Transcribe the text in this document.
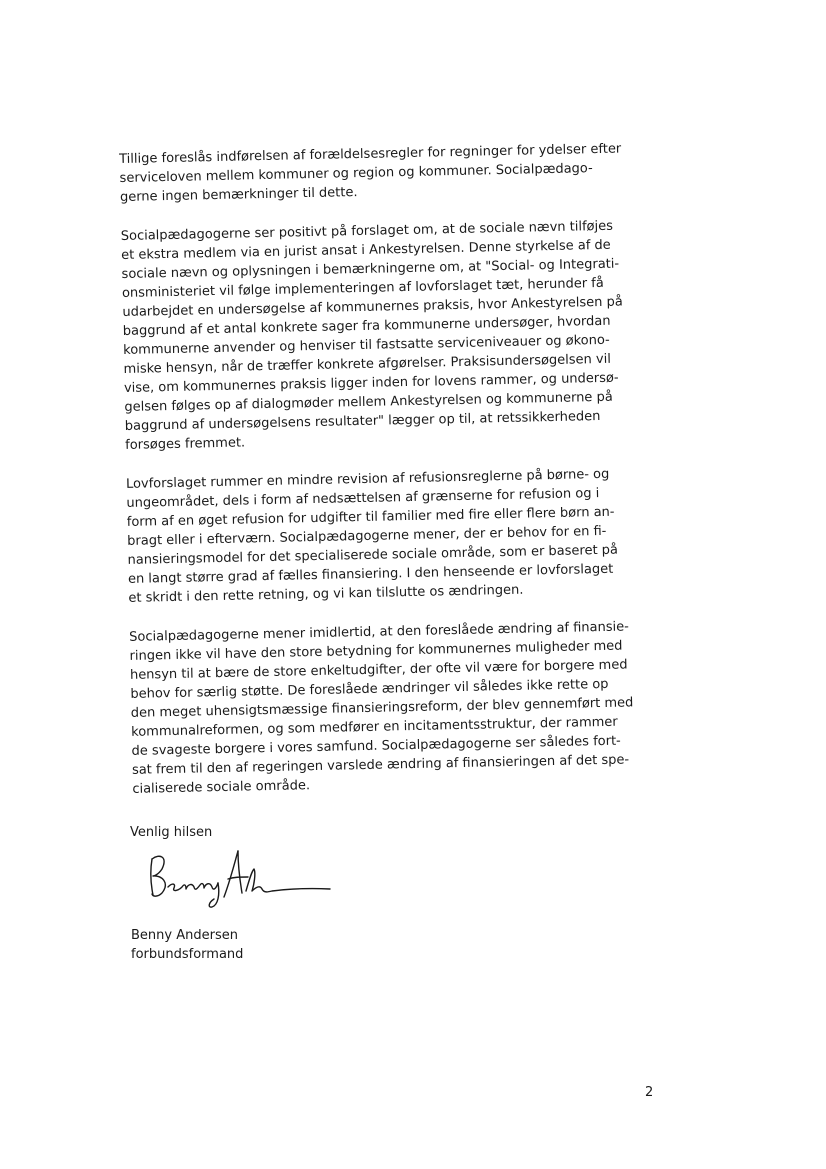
Tillige foreslås indførelsen af forældelsesregler for regninger for ydelser efter
serviceloven mellem kommuner og region og kommuner. Socialpædago-
gerne ingen bemærkninger til dette.

Socialpædagogerne ser positivt på forslaget om, at de sociale nævn tilføjes
et ekstra medlem via en jurist ansat i Ankestyrelsen. Denne styrkelse af de
sociale nævn og oplysningen i bemærkningerne om, at "Social- og Integrati-
onsministeriet vil følge implementeringen af lovforslaget tæt, herunder få
udarbejdet en undersøgelse af kommunernes praksis, hvor Ankestyrelsen på
baggrund af et antal konkrete sager fra kommunerne undersøger, hvordan
kommunerne anvender og henviser til fastsatte serviceniveauer og økono-
miske hensyn, når de træffer konkrete afgørelser. Praksisundersøgelsen vil
vise, om kommunernes praksis ligger inden for lovens rammer, og undersø-
gelsen følges op af dialogmøder mellem Ankestyrelsen og kommunerne på
baggrund af undersøgelsens resultater" lægger op til, at retssikkerheden
forsøges fremmet.

Lovforslaget rummer en mindre revision af refusionsreglerne på børne- og
ungeområdet, dels i form af nedsættelsen af grænserne for refusion og i
form af en øget refusion for udgifter til familier med fire eller flere børn an-
bragt eller i efterværn. Socialpædagogerne mener, der er behov for en fi-
nansieringsmodel for det specialiserede sociale område, som er baseret på
en langt større grad af fælles finansiering. I den henseende er lovforslaget
et skridt i den rette retning, og vi kan tilslutte os ændringen.

Socialpædagogerne mener imidlertid, at den foreslåede ændring af finansie-
ringen ikke vil have den store betydning for kommunernes muligheder med
hensyn til at bære de store enkeltudgifter, der ofte vil være for borgere med
behov for særlig støtte. De foreslåede ændringer vil således ikke rette op
den meget uhensigtsmæssige finansieringsreform, der blev gennemført med
kommunalreformen, og som medfører en incitamentsstruktur, der rammer
de svageste borgere i vores samfund. Socialpædagogerne ser således fort-
sat frem til den af regeringen varslede ændring af finansieringen af det spe-
cialiserede sociale område.

Venlig hilsen
Benny Andersen
forbundsformand
2
